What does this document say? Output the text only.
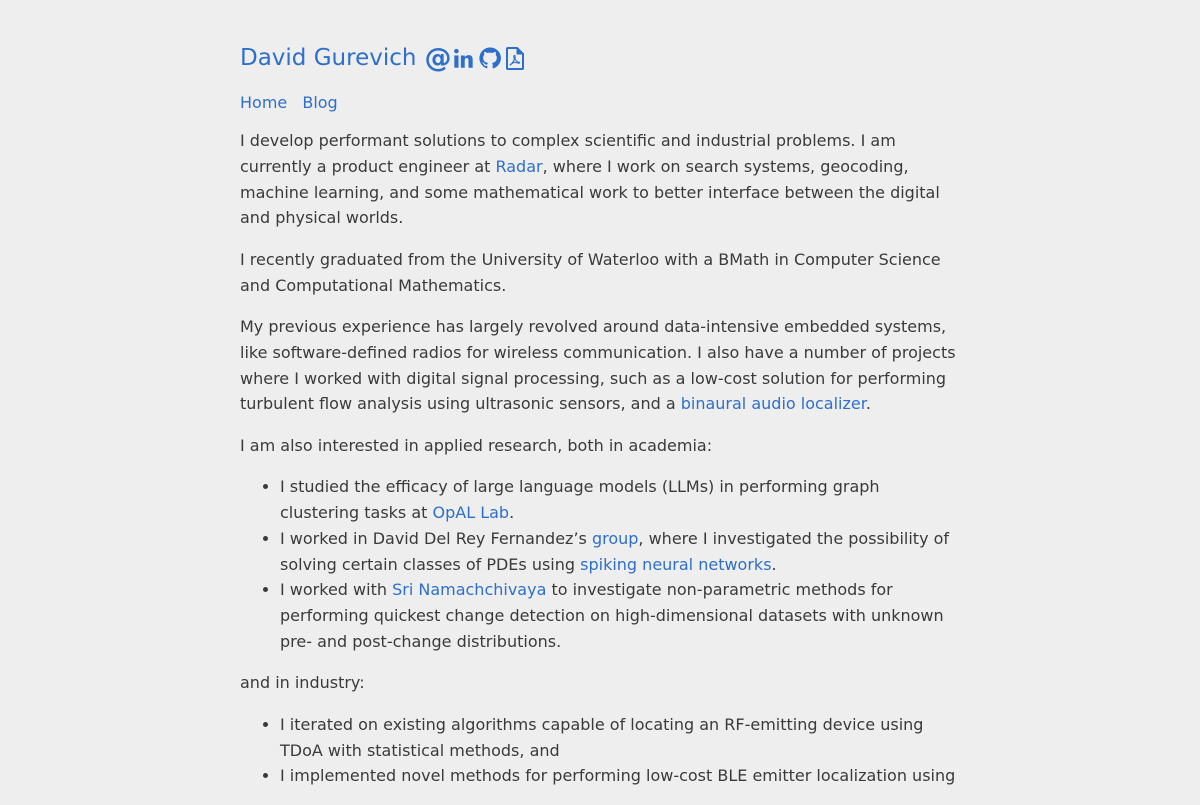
David Gurevich @
Home Blog

I develop performant solutions to complex scientific and industrial problems. I am currently a product engineer at Radar, where I work on search systems, geocoding, machine learning, and some mathematical work to better interface between the digital and physical worlds.

I recently graduated from the University of Waterloo with a BMath in Computer Science and Computational Mathematics.

My previous experience has largely revolved around data-intensive embedded systems, like software-defined radios for wireless communication. I also have a number of projects where I worked with digital signal processing, such as a low-cost solution for performing turbulent flow analysis using ultrasonic sensors, and a binaural audio localizer.

I am also interested in applied research, both in academia:

• I studied the efficacy of large language models (LLMs) in performing graph clustering tasks at OpAL Lab.
• I worked in David Del Rey Fernandez’s group, where I investigated the possibility of solving certain classes of PDEs using spiking neural networks.
• I worked with Sri Namachchivaya to investigate non-parametric methods for performing quickest change detection on high-dimensional datasets with unknown pre- and post-change distributions.

and in industry:

• I iterated on existing algorithms capable of locating an RF-emitting device using TDoA with statistical methods, and
• I implemented novel methods for performing low-cost BLE emitter localization using
